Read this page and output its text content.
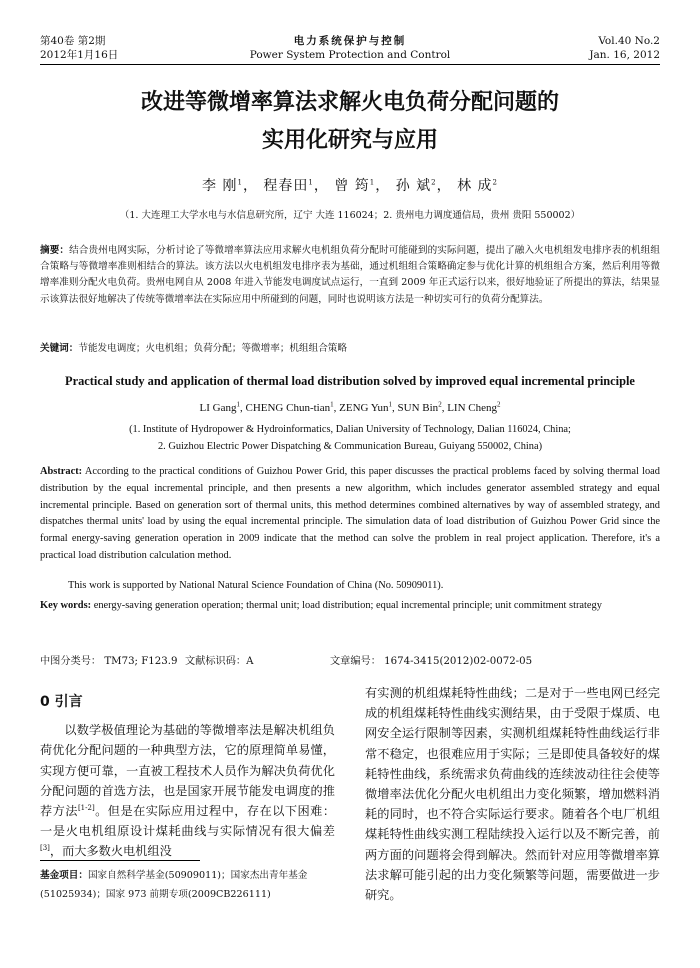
第40卷 第2期
2012年1月16日
电力系统保护与控制
Power System Protection and Control
Vol.40 No.2
Jan. 16, 2012
改进等微增率算法求解火电负荷分配问题的
实用化研究与应用
李 刚$^1$， 程春田$^1$， 曾 筠$^1$， 孙 斌$^2$， 林 成$^2$
（1. 大连理工大学水电与水信息研究所，辽宁 大连 116024；2. 贵州电力调度通信局，贵州 贵阳 550002）
摘要：结合贵州电网实际，分析讨论了等微增率算法应用求解火电机组负荷分配时可能碰到的实际问题，提出了融入火电机组发电排序表的机组组合策略与等微增率准则相结合的算法。该方法以火电机组发电排序表为基础，通过机组组合策略确定参与优化计算的机组组合方案，然后利用等微增率准则分配火电负荷。贵州电网自从 2008 年进入节能发电调度试点运行，一直到 2009 年正式运行以来，很好地验证了所提出的算法，结果显示该算法很好地解决了传统等微增率法在实际应用中所碰到的问题，同时也说明该方法是一种切实可行的负荷分配算法。
关键词：节能发电调度；火电机组；负荷分配；等微增率；机组组合策略
Practical study and application of thermal load distribution solved by improved equal incremental principle
LI Gang$^1$, CHENG Chun-tian$^1$, ZENG Yun$^1$, SUN Bin$^2$, LIN Cheng$^2$
(1. Institute of Hydropower & Hydroinformatics, Dalian University of Technology, Dalian 116024, China;
2. Guizhou Electric Power Dispatching & Communication Bureau, Guiyang 550002, China)
Abstract: According to the practical conditions of Guizhou Power Grid, this paper discusses the practical problems faced by solving thermal load distribution by the equal incremental principle, and then presents a new algorithm, which includes generator assembled strategy and equal incremental principle. Based on generation sort of thermal units, this method determines combined alternatives by way of assembled strategy, and dispatches thermal units' load by using the equal incremental principle. The simulation data of load distribution of Guizhou Power Grid since the formal energy-saving generation operation in 2009 indicate that the method can solve the problem in real project application. Therefore, it's a practical load distribution calculation method.
This work is supported by National Natural Science Foundation of China (No. 50909011).
Key words: energy-saving generation operation; thermal unit; load distribution; equal incremental principle; unit commitment strategy
中图分类号： TM73; F123.9 文献标识码：A	文章编号： 1674-3415(2012)02-0072-05
0 引言
以数学极值理论为基础的等微增率法是解决机组负荷优化分配问题的一种典型方法，它的原理简单易懂，实现方便可靠，一直被工程技术人员作为解决负荷优化分配问题的首选方法，也是国家开展节能发电调度的推荐方法[1-2]。但是在实际应用过程中，存在以下困难：一是火电机组原设计煤耗曲线与实际情况有很大偏差[3]，而大多数火电机组没
有实测的机组煤耗特性曲线；二是对于一些电网已经完成的机组煤耗特性曲线实测结果，由于受限于煤质、电网安全运行限制等因素，实测机组煤耗特性曲线运行非常不稳定，也很难应用于实际；三是即使具备较好的煤耗特性曲线，系统需求负荷曲线的连续波动往往会使等微增率法优化分配火电机组出力变化频繁，增加燃料消耗的同时，也不符合实际运行要求。随着各个电厂机组煤耗特性曲线实测工程陆续投入运行以及不断完善，前两方面的问题将会得到解决。然而针对应用等微增率算法求解可能引起的出力变化频繁等问题，需要做进一步研究。
基金项目：国家自然科学基金(50909011)；国家杰出青年基金(51025934)；国家 973 前期专项(2009CB226111)
